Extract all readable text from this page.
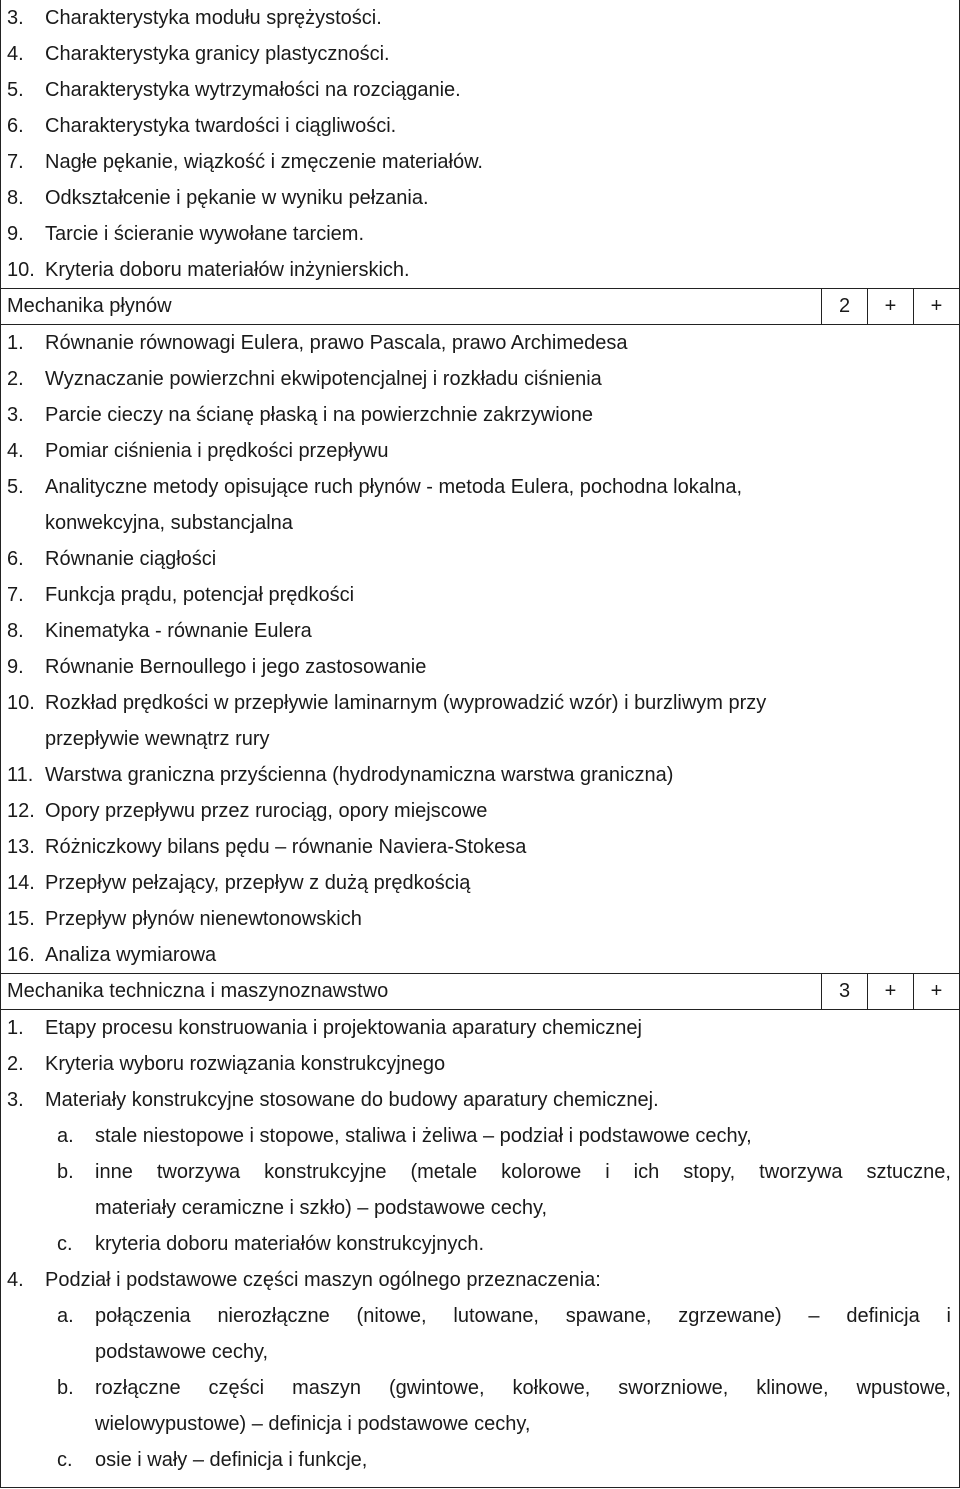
3.	Charakterystyka modułu sprężystości.
4.	Charakterystyka granicy plastyczności.
5.	Charakterystyka wytrzymałości na rozciąganie.
6.	Charakterystyka twardości i ciągliwości.
7.	Nagłe pękanie, wiązkość i zmęczenie materiałów.
8.	Odkształcenie i pękanie w wyniku pełzania.
9.	Tarcie i ścieranie wywołane tarciem.
10. Kryteria doboru materiałów inżynierskich.
Mechanika płynów	2	+	+
1.	Równanie równowagi Eulera, prawo Pascala, prawo Archimedesa
2.	Wyznaczanie powierzchni ekwipotencjalnej i rozkładu ciśnienia
3.	Parcie cieczy na ścianę płaską i na powierzchnie zakrzywione
4.	Pomiar ciśnienia i prędkości przepływu
5.	Analityczne metody opisujące ruch płynów - metoda Eulera, pochodna lokalna,
konwekcyjna, substancjalna
6.	Równanie ciągłości
7.	Funkcja prądu, potencjał prędkości
8.	Kinematyka - równanie Eulera
9.	Równanie Bernoullego i jego zastosowanie
10. Rozkład prędkości w przepływie laminarnym (wyprowadzić wzór) i burzliwym przy
przepływie wewnątrz rury
11. Warstwa graniczna przyścienna (hydrodynamiczna warstwa graniczna)
12. Opory przepływu przez rurociąg, opory miejscowe
13. Różniczkowy bilans pędu – równanie Naviera-Stokesa
14. Przepływ pełzający, przepływ z dużą prędkością
15. Przepływ płynów nienewtonowskich
16. Analiza wymiarowa
Mechanika techniczna i maszynoznawstwo	3	+	+
1.	Etapy procesu konstruowania i projektowania aparatury chemicznej
2.	Kryteria wyboru rozwiązania konstrukcyjnego
3.	Materiały konstrukcyjne stosowane do budowy aparatury chemicznej.
a.	stale niestopowe i stopowe, staliwa i żeliwa – podział i podstawowe cechy,
b.	inne tworzywa konstrukcyjne (metale kolorowe i ich stopy, tworzywa sztuczne,
materiały ceramiczne i szkło) – podstawowe cechy,
c.	kryteria doboru materiałów konstrukcyjnych.
4.	Podział i podstawowe części maszyn ogólnego przeznaczenia:
a.	połączenia nierozłączne (nitowe, lutowane, spawane, zgrzewane) – definicja i
podstawowe cechy,
b.	rozłączne części maszyn (gwintowe, kołkowe, sworzniowe, klinowe, wpustowe,
wielowypustowe) – definicja i podstawowe cechy,
c.	osie i wały – definicja i funkcje,
